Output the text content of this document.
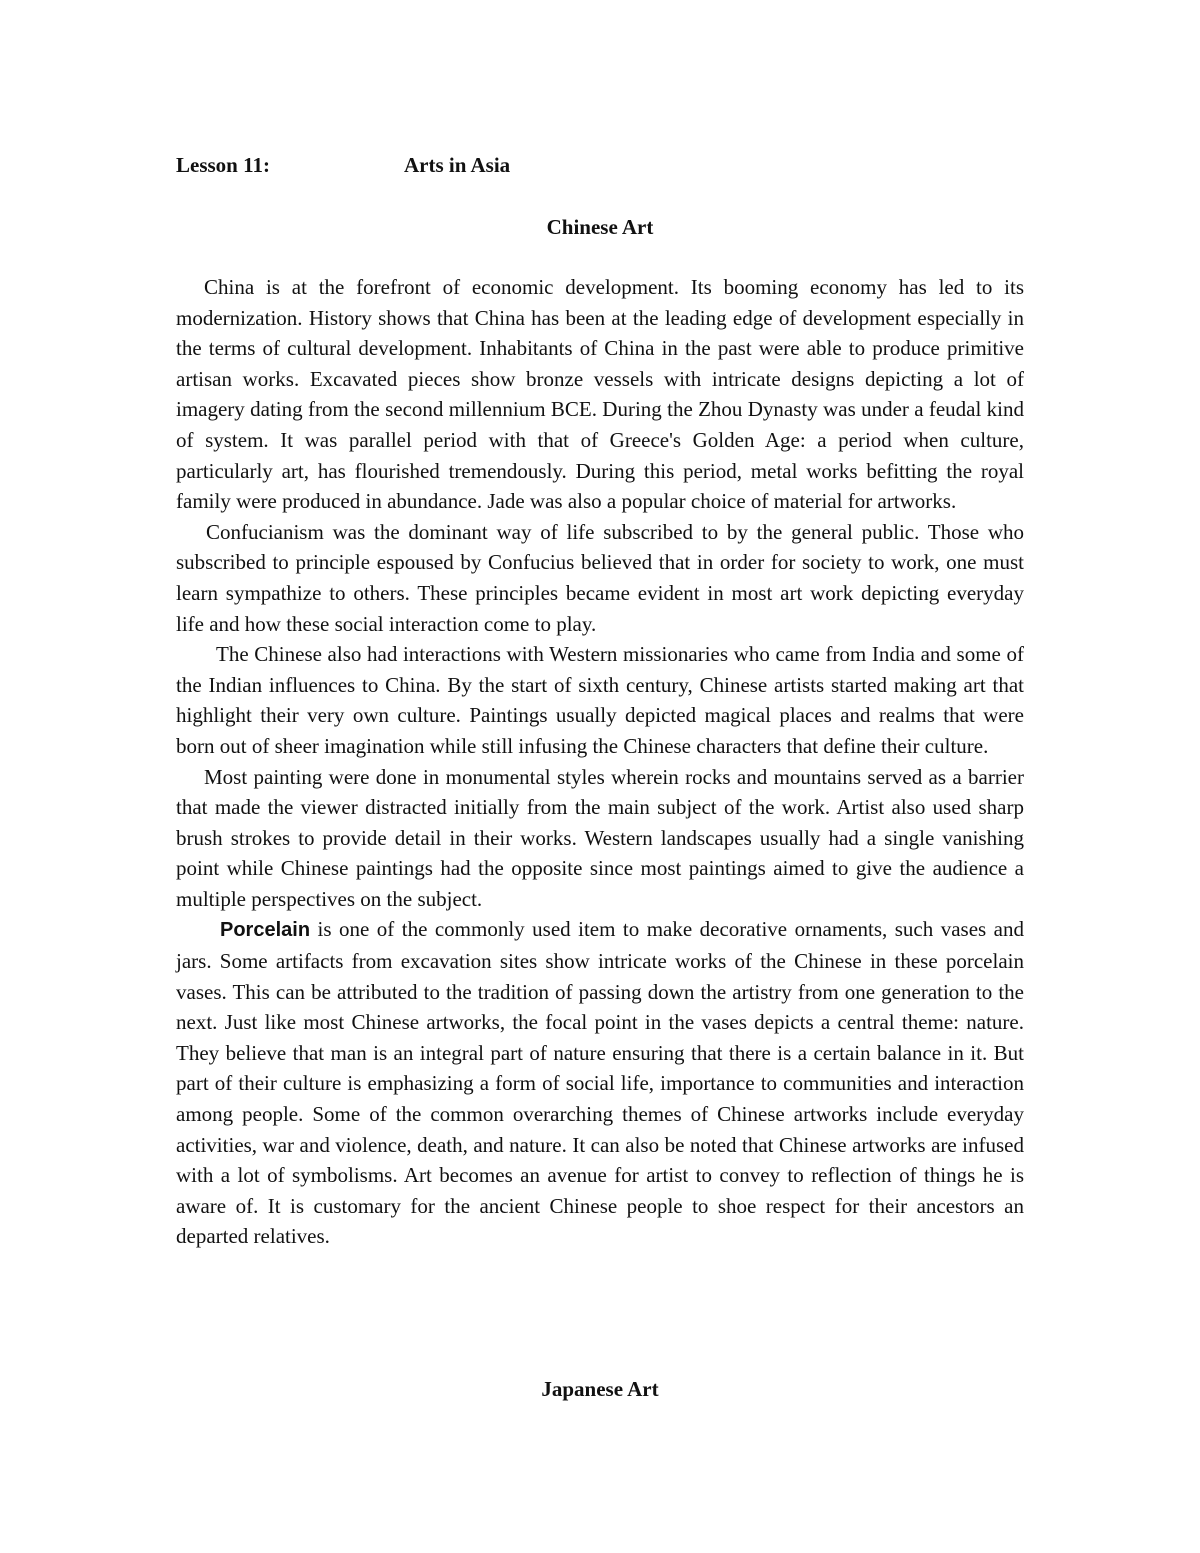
Lesson 11:	Arts in Asia
Chinese Art

China is at the forefront of economic development. Its booming economy has led to its modernization. History shows that China has been at the leading edge of development especially in the terms of cultural development. Inhabitants of China in the past were able to produce primitive artisan works. Excavated pieces show bronze vessels with intricate designs depicting a lot of imagery dating from the second millennium BCE. During the Zhou Dynasty was under a feudal kind of system. It was parallel period with that of Greece's Golden Age: a period when culture, particularly art, has flourished tremendously. During this period, metal works befitting the royal family were produced in abundance. Jade was also a popular choice of material for artworks.

Confucianism was the dominant way of life subscribed to by the general public. Those who subscribed to principle espoused by Confucius believed that in order for society to work, one must learn sympathize to others. These principles became evident in most art work depicting everyday life and how these social interaction come to play.

The Chinese also had interactions with Western missionaries who came from India and some of the Indian influences to China. By the start of sixth century, Chinese artists started making art that highlight their very own culture. Paintings usually depicted magical places and realms that were born out of sheer imagination while still infusing the Chinese characters that define their culture.

Most painting were done in monumental styles wherein rocks and mountains served as a barrier that made the viewer distracted initially from the main subject of the work. Artist also used sharp brush strokes to provide detail in their works. Western landscapes usually had a single vanishing point while Chinese paintings had the opposite since most paintings aimed to give the audience a multiple perspectives on the subject.

Porcelain is one of the commonly used item to make decorative ornaments, such vases and jars. Some artifacts from excavation sites show intricate works of the Chinese in these porcelain vases. This can be attributed to the tradition of passing down the artistry from one generation to the next. Just like most Chinese artworks, the focal point in the vases depicts a central theme: nature. They believe that man is an integral part of nature ensuring that there is a certain balance in it. But part of their culture is emphasizing a form of social life, importance to communities and interaction among people. Some of the common overarching themes of Chinese artworks include everyday activities, war and violence, death, and nature. It can also be noted that Chinese artworks are infused with a lot of symbolisms. Art becomes an avenue for artist to convey to reflection of things he is aware of. It is customary for the ancient Chinese people to shoe respect for their ancestors an departed relatives.

Japanese Art
